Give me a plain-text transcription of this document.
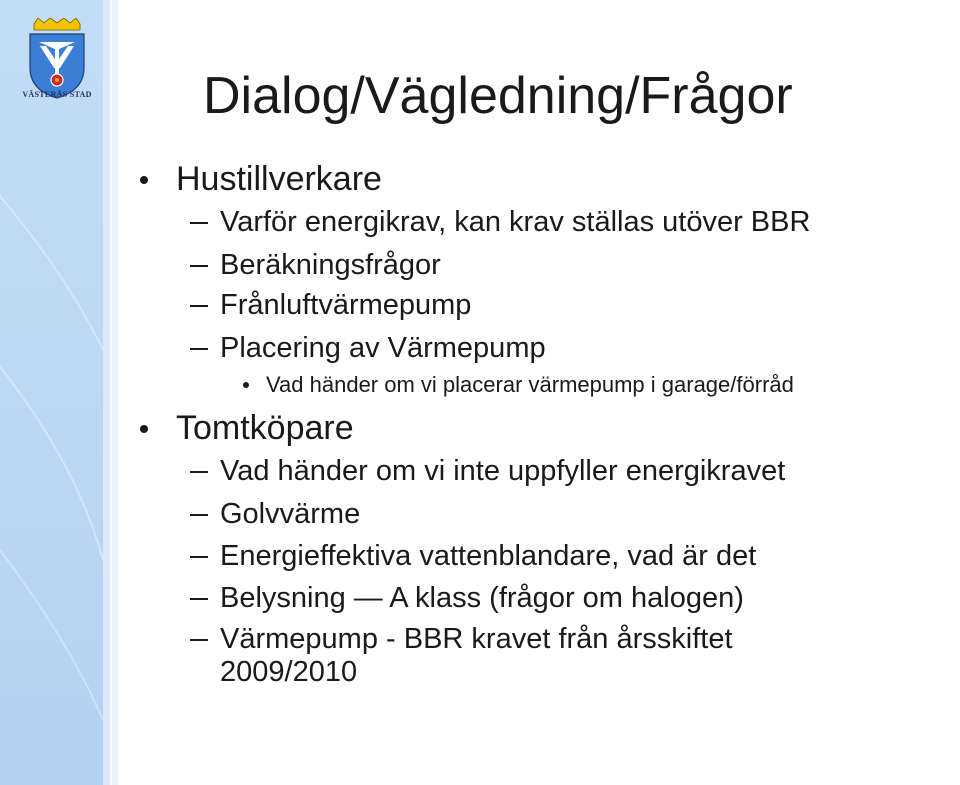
VÄSTERÅS STAD Dialog/Vägledning/Frågor
Hustillverkare
Varför energikrav, kan krav ställas utöver BBR
Beräkningsfrågor
Frånluftvärmepump
Placering av Värmepump
Vad händer om vi placerar värmepump i garage/förråd
Tomtköpare
Vad händer om vi inte uppfyller energikravet
Golvvärme
Energieffektiva vattenblandare, vad är det
Belysning — A klass (frågor om halogen)
Värmepump - BBR kravet från årsskiftet
2009/2010
